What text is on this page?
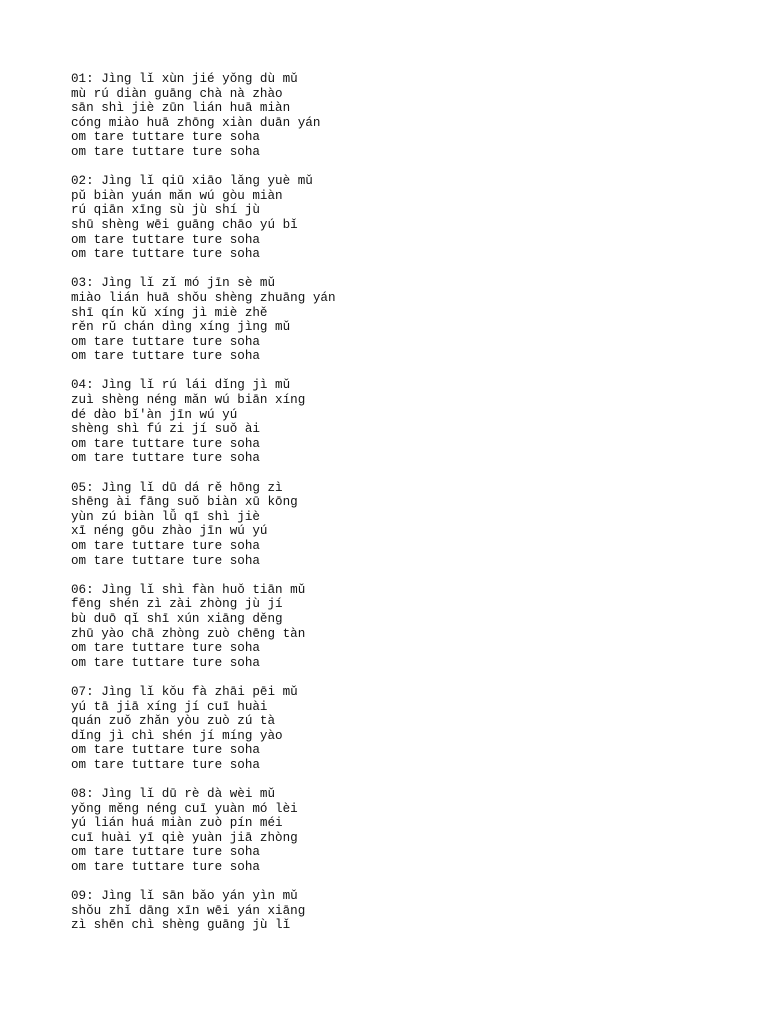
01: Jìng lǐ xùn jié yǒng dù mǔ
mù rú diàn guāng chà nà zhào
sān shì jiè zūn lián huā miàn
cóng miào huā zhōng xiàn duān yán
om tare tuttare ture soha
om tare tuttare ture soha
02: Jìng lǐ qiū xiāo lǎng yuè mǔ
pǔ biàn yuán mǎn wú gòu miàn
rú qiān xīng sù jù shí jù
shū shèng wēi guāng chāo yú bǐ
om tare tuttare ture soha
om tare tuttare ture soha
03: Jìng lǐ zǐ mó jīn sè mǔ
miào lián huā shǒu shèng zhuāng yán
shī qín kǔ xíng jì miè zhě
rěn rǔ chán dìng xíng jìng mǔ
om tare tuttare ture soha
om tare tuttare ture soha
04: Jìng lǐ rú lái dǐng jì mǔ
zuì shèng néng mǎn wú biān xíng
dé dào bǐ'àn jīn wú yú
shèng shì fú zi jí suǒ ài
om tare tuttare ture soha
om tare tuttare ture soha
05: Jìng lǐ dū dá rě hōng zì
shēng ài fāng suǒ biàn xū kōng
yùn zú biàn lǚ qī shì jiè
xī néng gōu zhào jīn wú yú
om tare tuttare ture soha
om tare tuttare ture soha
06: Jìng lǐ shì fàn huǒ tiān mǔ
fēng shén zì zài zhòng jù jí
bù duō qǐ shī xún xiāng děng
zhū yào chā zhòng zuò chēng tàn
om tare tuttare ture soha
om tare tuttare ture soha
07: Jìng lǐ kǒu fà zhāi pēi mǔ
yú tā jiā xíng jí cuī huài
quán zuǒ zhǎn yòu zuò zú tà
dǐng jì chì shén jí míng yào
om tare tuttare ture soha
om tare tuttare ture soha
08: Jìng lǐ dū rè dà wèi mǔ
yǒng měng néng cuī yuàn mó lèi
yú lián huá miàn zuò pín méi
cuī huài yī qiè yuàn jiā zhòng
om tare tuttare ture soha
om tare tuttare ture soha
09: Jìng lǐ sān bǎo yán yìn mǔ
shǒu zhǐ dāng xīn wēi yán xiāng
zì shēn chì shèng guāng jù lǐ
